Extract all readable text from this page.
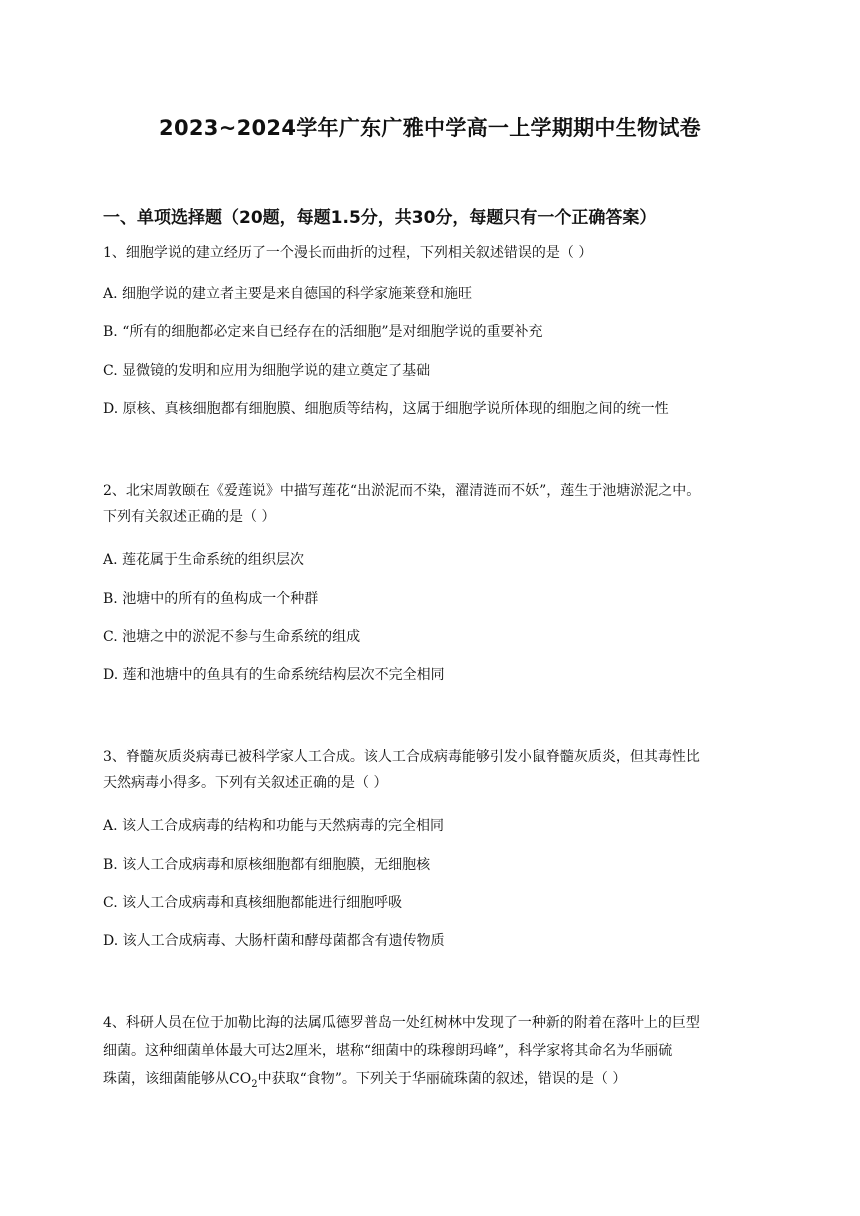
2023~2024学年广东广雅中学高一上学期期中生物试卷
一、单项选择题（20题，每题1.5分，共30分，每题只有一个正确答案）
1、细胞学说的建立经历了一个漫长而曲折的过程，下列相关叙述错误的是（ ）
A. 细胞学说的建立者主要是来自德国的科学家施莱登和施旺
B. “所有的细胞都必定来自已经存在的活细胞”是对细胞学说的重要补充
C. 显微镜的发明和应用为细胞学说的建立奠定了基础
D. 原核、真核细胞都有细胞膜、细胞质等结构，这属于细胞学说所体现的细胞之间的统一性
2、北宋周敦颐在《爱莲说》中描写莲花“出淤泥而不染，濯清涟而不妖”，莲生于池塘淤泥之中。
下列有关叙述正确的是（ ）
A. 莲花属于生命系统的组织层次
B. 池塘中的所有的鱼构成一个种群
C. 池塘之中的淤泥不参与生命系统的组成
D. 莲和池塘中的鱼具有的生命系统结构层次不完全相同
3、脊髓灰质炎病毒已被科学家人工合成。该人工合成病毒能够引发小鼠脊髓灰质炎，但其毒性比
天然病毒小得多。下列有关叙述正确的是（ ）
A. 该人工合成病毒的结构和功能与天然病毒的完全相同
B. 该人工合成病毒和原核细胞都有细胞膜，无细胞核
C. 该人工合成病毒和真核细胞都能进行细胞呼吸
D. 该人工合成病毒、大肠杆菌和酵母菌都含有遗传物质
4、科研人员在位于加勒比海的法属瓜德罗普岛一处红树林中发现了一种新的附着在落叶上的巨型
细菌。这种细菌单体最大可达2厘米，堪称“细菌中的珠穆朗玛峰”，科学家将其命名为华丽硫
珠菌，该细菌能够从$CO_2$中获取“食物”。下列关于华丽硫珠菌的叙述，错误的是（ ）
